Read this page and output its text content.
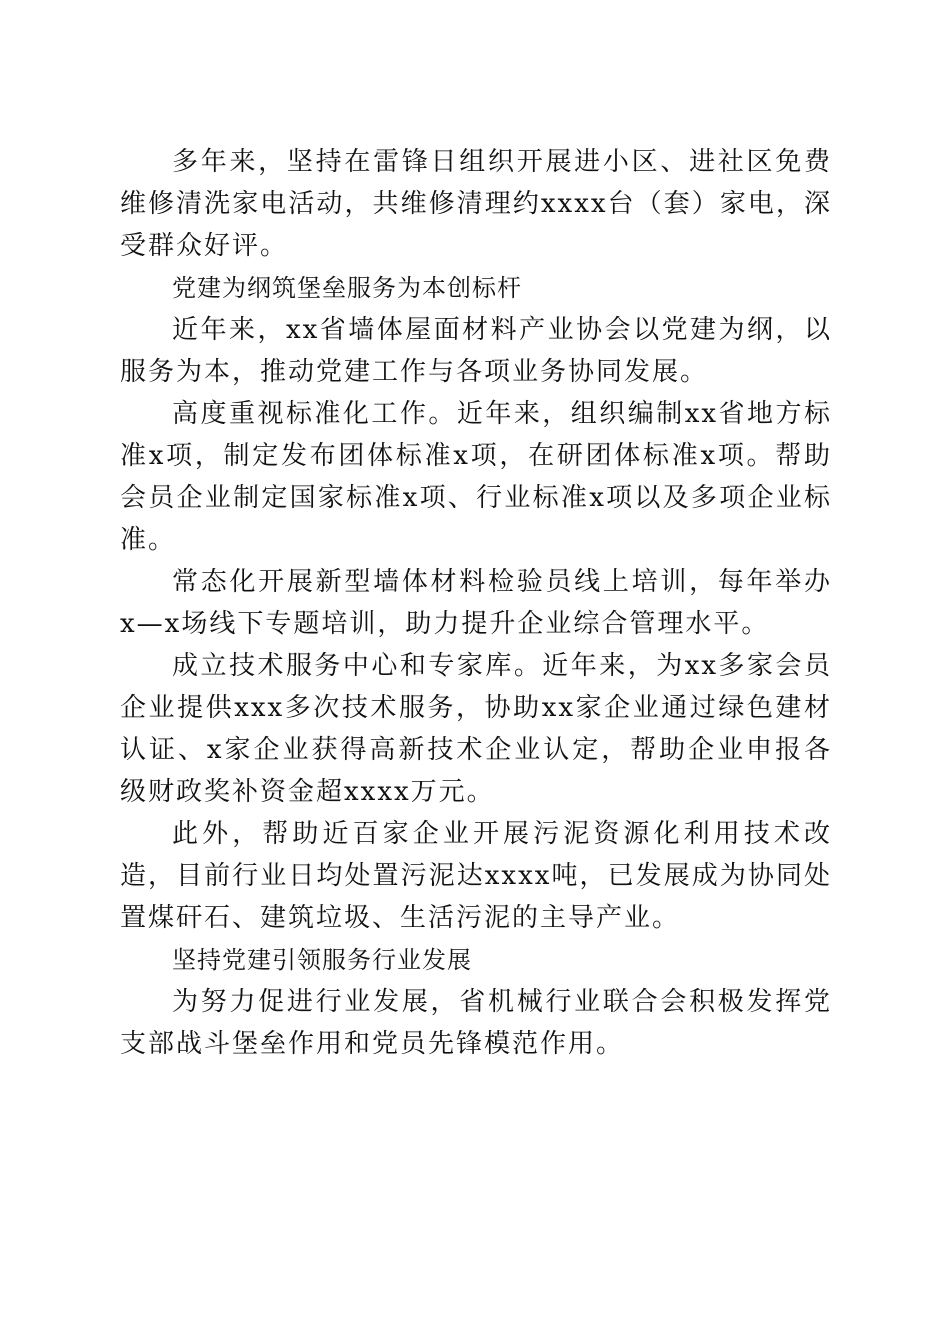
多年来，坚持在雷锋日组织开展进小区、进社区免费维修清洗家电活动，共维修清理约xxxx台（套）家电，深受群众好评。

党建为纲筑堡垒服务为本创标杆

近年来，xx省墙体屋面材料产业协会以党建为纲，以服务为本，推动党建工作与各项业务协同发展。

高度重视标准化工作。近年来，组织编制xx省地方标准x项，制定发布团体标准x项，在研团体标准x项。帮助会员企业制定国家标准x项、行业标准x项以及多项企业标准。

常态化开展新型墙体材料检验员线上培训，每年举办x—x场线下专题培训，助力提升企业综合管理水平。

成立技术服务中心和专家库。近年来，为xx多家会员企业提供xxx多次技术服务，协助xx家企业通过绿色建材认证、x家企业获得高新技术企业认定，帮助企业申报各级财政奖补资金超xxxx万元。

此外，帮助近百家企业开展污泥资源化利用技术改造，目前行业日均处置污泥达xxxx吨，已发展成为协同处置煤矸石、建筑垃圾、生活污泥的主导产业。

坚持党建引领服务行业发展

为努力促进行业发展，省机械行业联合会积极发挥党支部战斗堡垒作用和党员先锋模范作用。
